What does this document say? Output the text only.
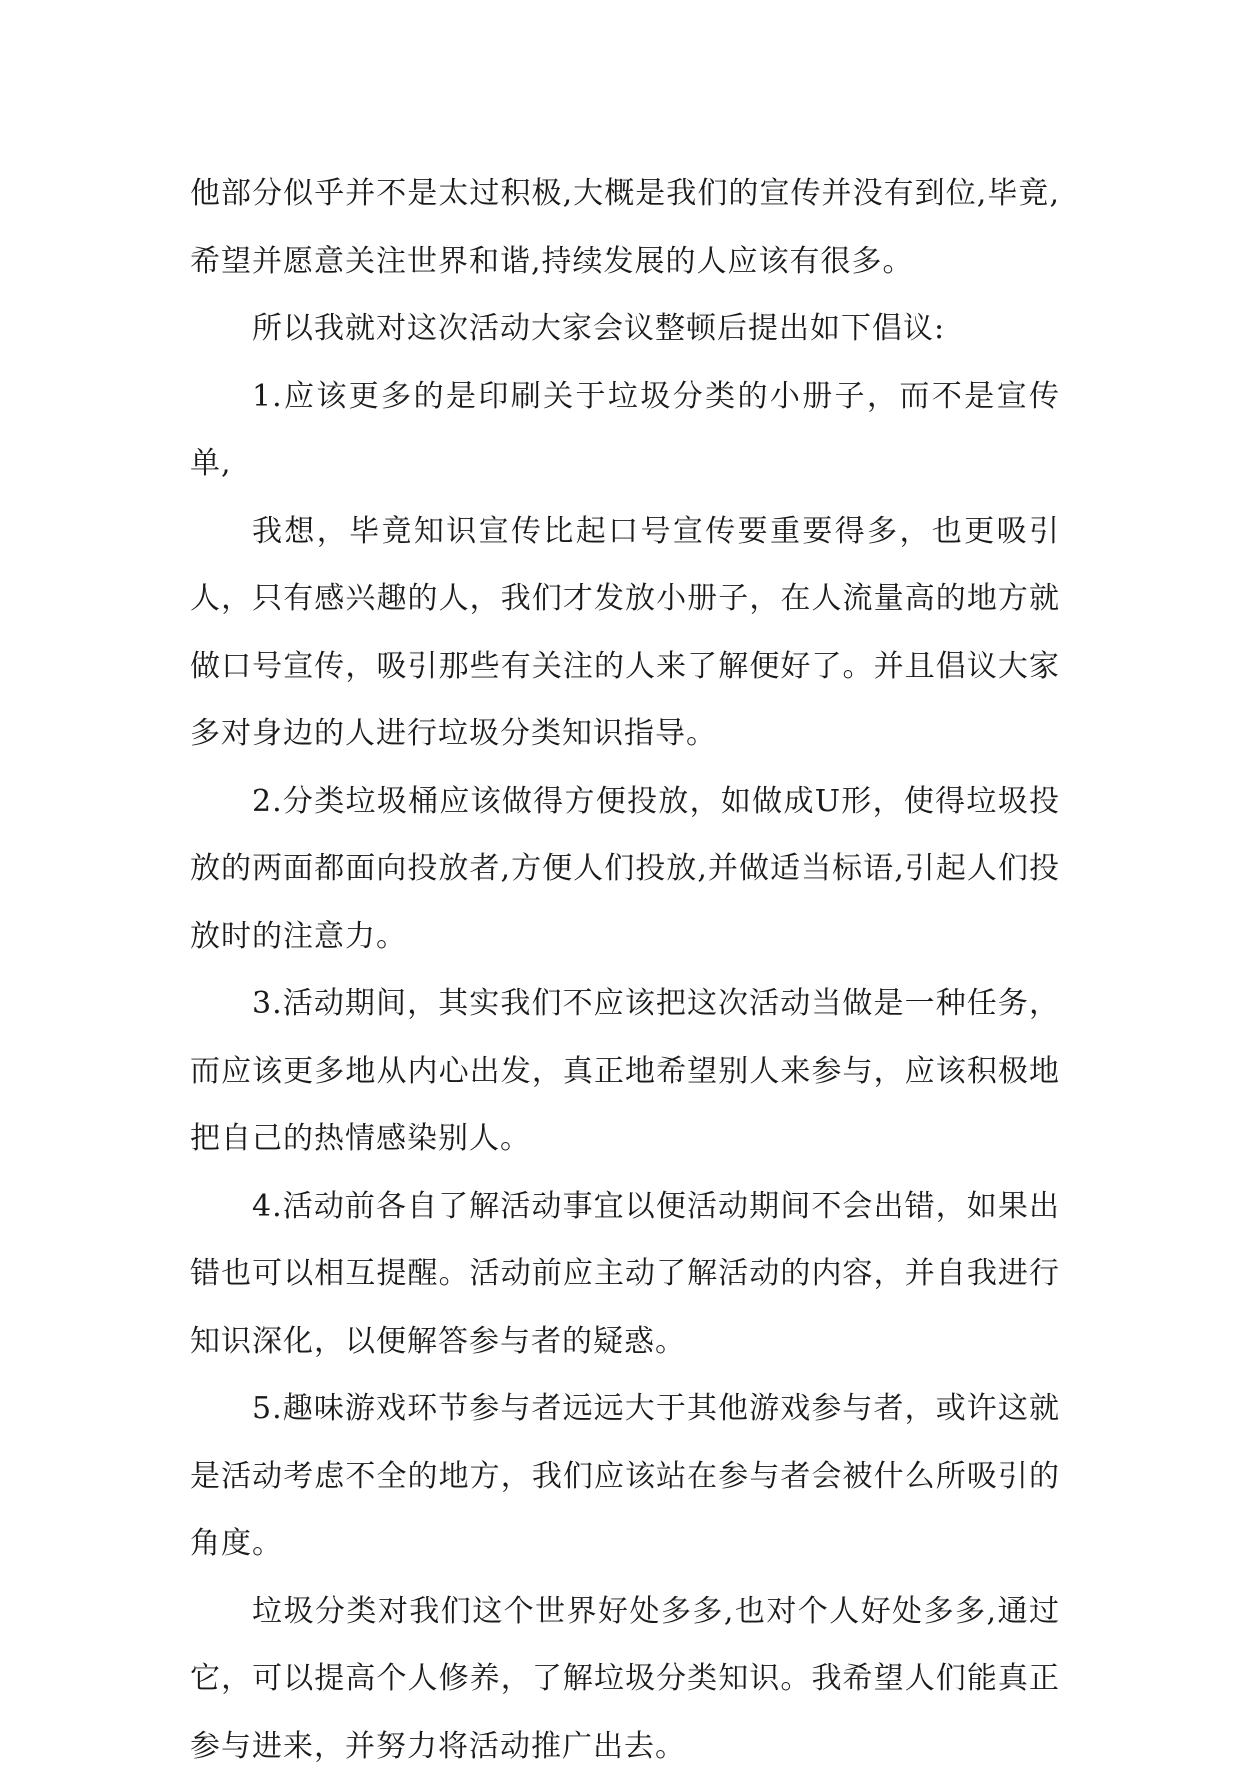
他部分似乎并不是太过积极,大概是我们的宣传并没有到位,毕竟,希望并愿意关注世界和谐,持续发展的人应该有很多。

所以我就对这次活动大家会议整顿后提出如下倡议:

1.应该更多的是印刷关于垃圾分类的小册子，而不是宣传单,

我想，毕竟知识宣传比起口号宣传要重要得多，也更吸引人，只有感兴趣的人，我们才发放小册子，在人流量高的地方就做口号宣传，吸引那些有关注的人来了解便好了。并且倡议大家多对身边的人进行垃圾分类知识指导。

2.分类垃圾桶应该做得方便投放，如做成U形，使得垃圾投放的两面都面向投放者,方便人们投放,并做适当标语,引起人们投放时的注意力。

3.活动期间，其实我们不应该把这次活动当做是一种任务，而应该更多地从内心出发，真正地希望别人来参与，应该积极地把自己的热情感染别人。

4.活动前各自了解活动事宜以便活动期间不会出错，如果出错也可以相互提醒。活动前应主动了解活动的内容，并自我进行知识深化，以便解答参与者的疑惑。

5.趣味游戏环节参与者远远大于其他游戏参与者，或许这就是活动考虑不全的地方，我们应该站在参与者会被什么所吸引的角度。

垃圾分类对我们这个世界好处多多,也对个人好处多多,通过它，可以提高个人修养，了解垃圾分类知识。我希望人们能真正参与进来，并努力将活动推广出去。
